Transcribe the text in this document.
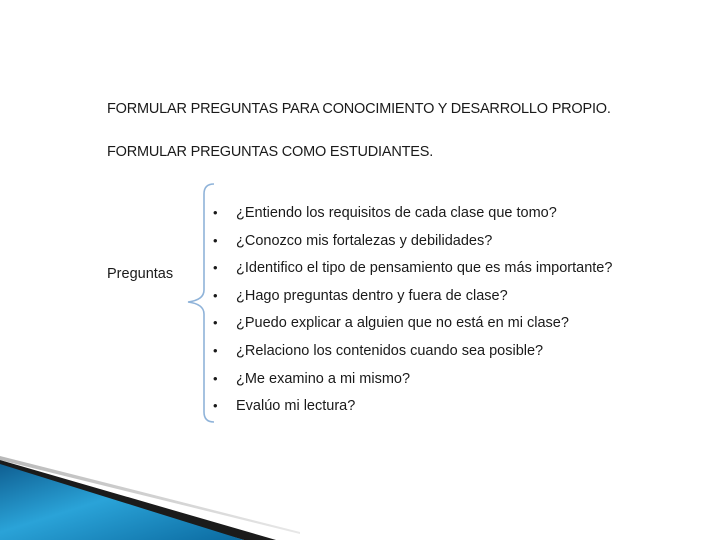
FORMULAR PREGUNTAS PARA CONOCIMIENTO Y DESARROLLO PROPIO.
FORMULAR PREGUNTAS COMO ESTUDIANTES.
Preguntas
• ¿Entiendo los requisitos de cada clase que tomo?
• ¿Conozco mis fortalezas y debilidades?
• ¿Identifico el tipo de pensamiento que es más importante?
• ¿Hago preguntas dentro y fuera de clase?
• ¿Puedo explicar a alguien que no está en mi clase?
• ¿Relaciono los contenidos cuando sea posible?
• ¿Me examino a mi mismo?
• Evalúo mi lectura?
